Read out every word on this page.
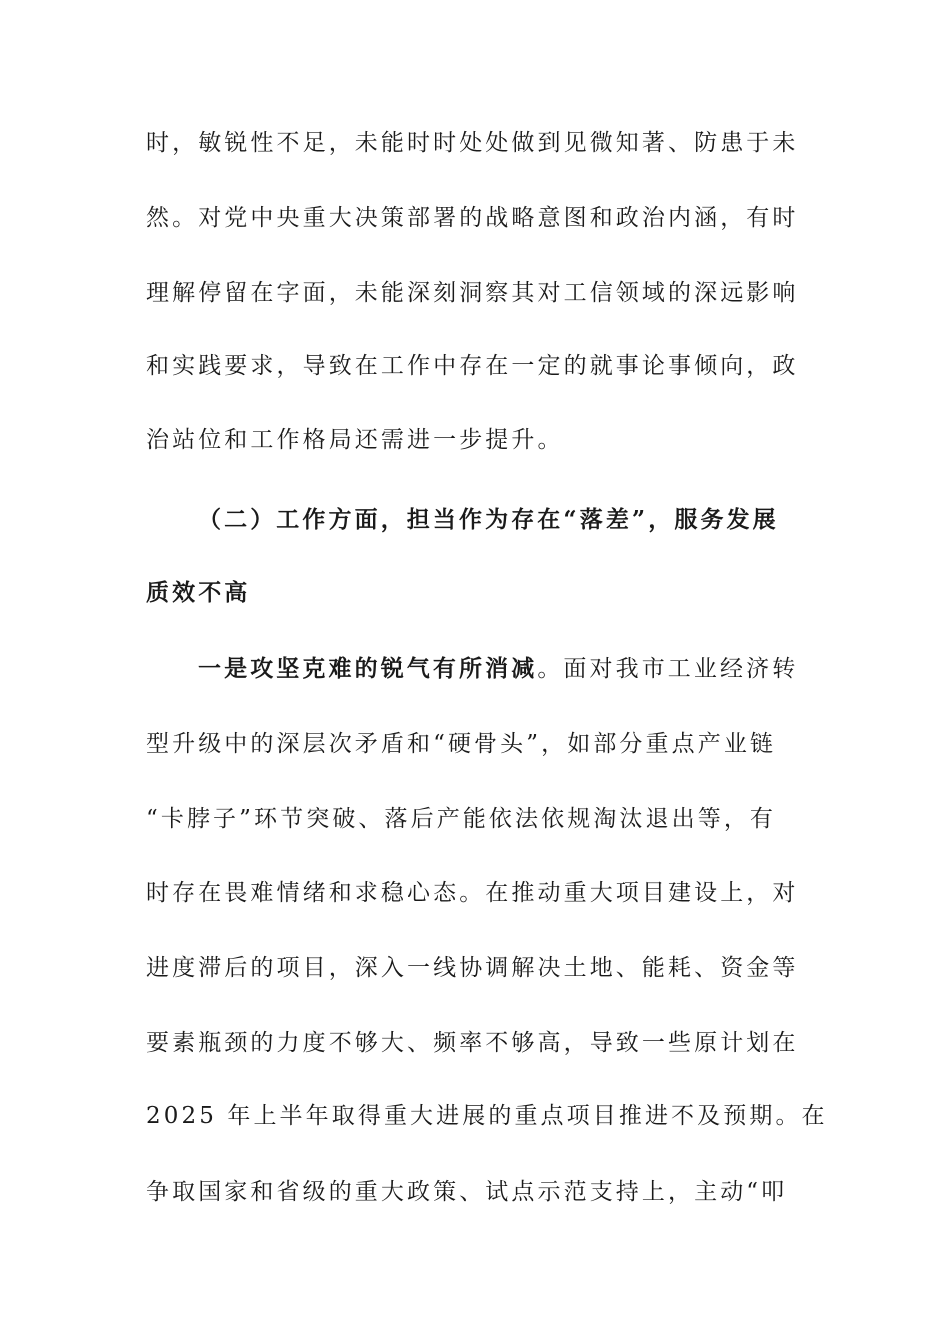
时，敏锐性不足，未能时时处处做到见微知著、防患于未
然。对党中央重大决策部署的战略意图和政治内涵，有时
理解停留在字面，未能深刻洞察其对工信领域的深远影响
和实践要求，导致在工作中存在一定的就事论事倾向，政
治站位和工作格局还需进一步提升。
（二）工作方面，担当作为存在“落差”，服务发展
质效不高
一是攻坚克难的锐气有所消减。面对我市工业经济转
型升级中的深层次矛盾和“硬骨头”，如部分重点产业链
“卡脖子”环节突破、落后产能依法依规淘汰退出等，有
时存在畏难情绪和求稳心态。在推动重大项目建设上，对
进度滞后的项目，深入一线协调解决土地、能耗、资金等
要素瓶颈的力度不够大、频率不够高，导致一些原计划在
2025 年上半年取得重大进展的重点项目推进不及预期。在
争取国家和省级的重大政策、试点示范支持上，主动“叩
